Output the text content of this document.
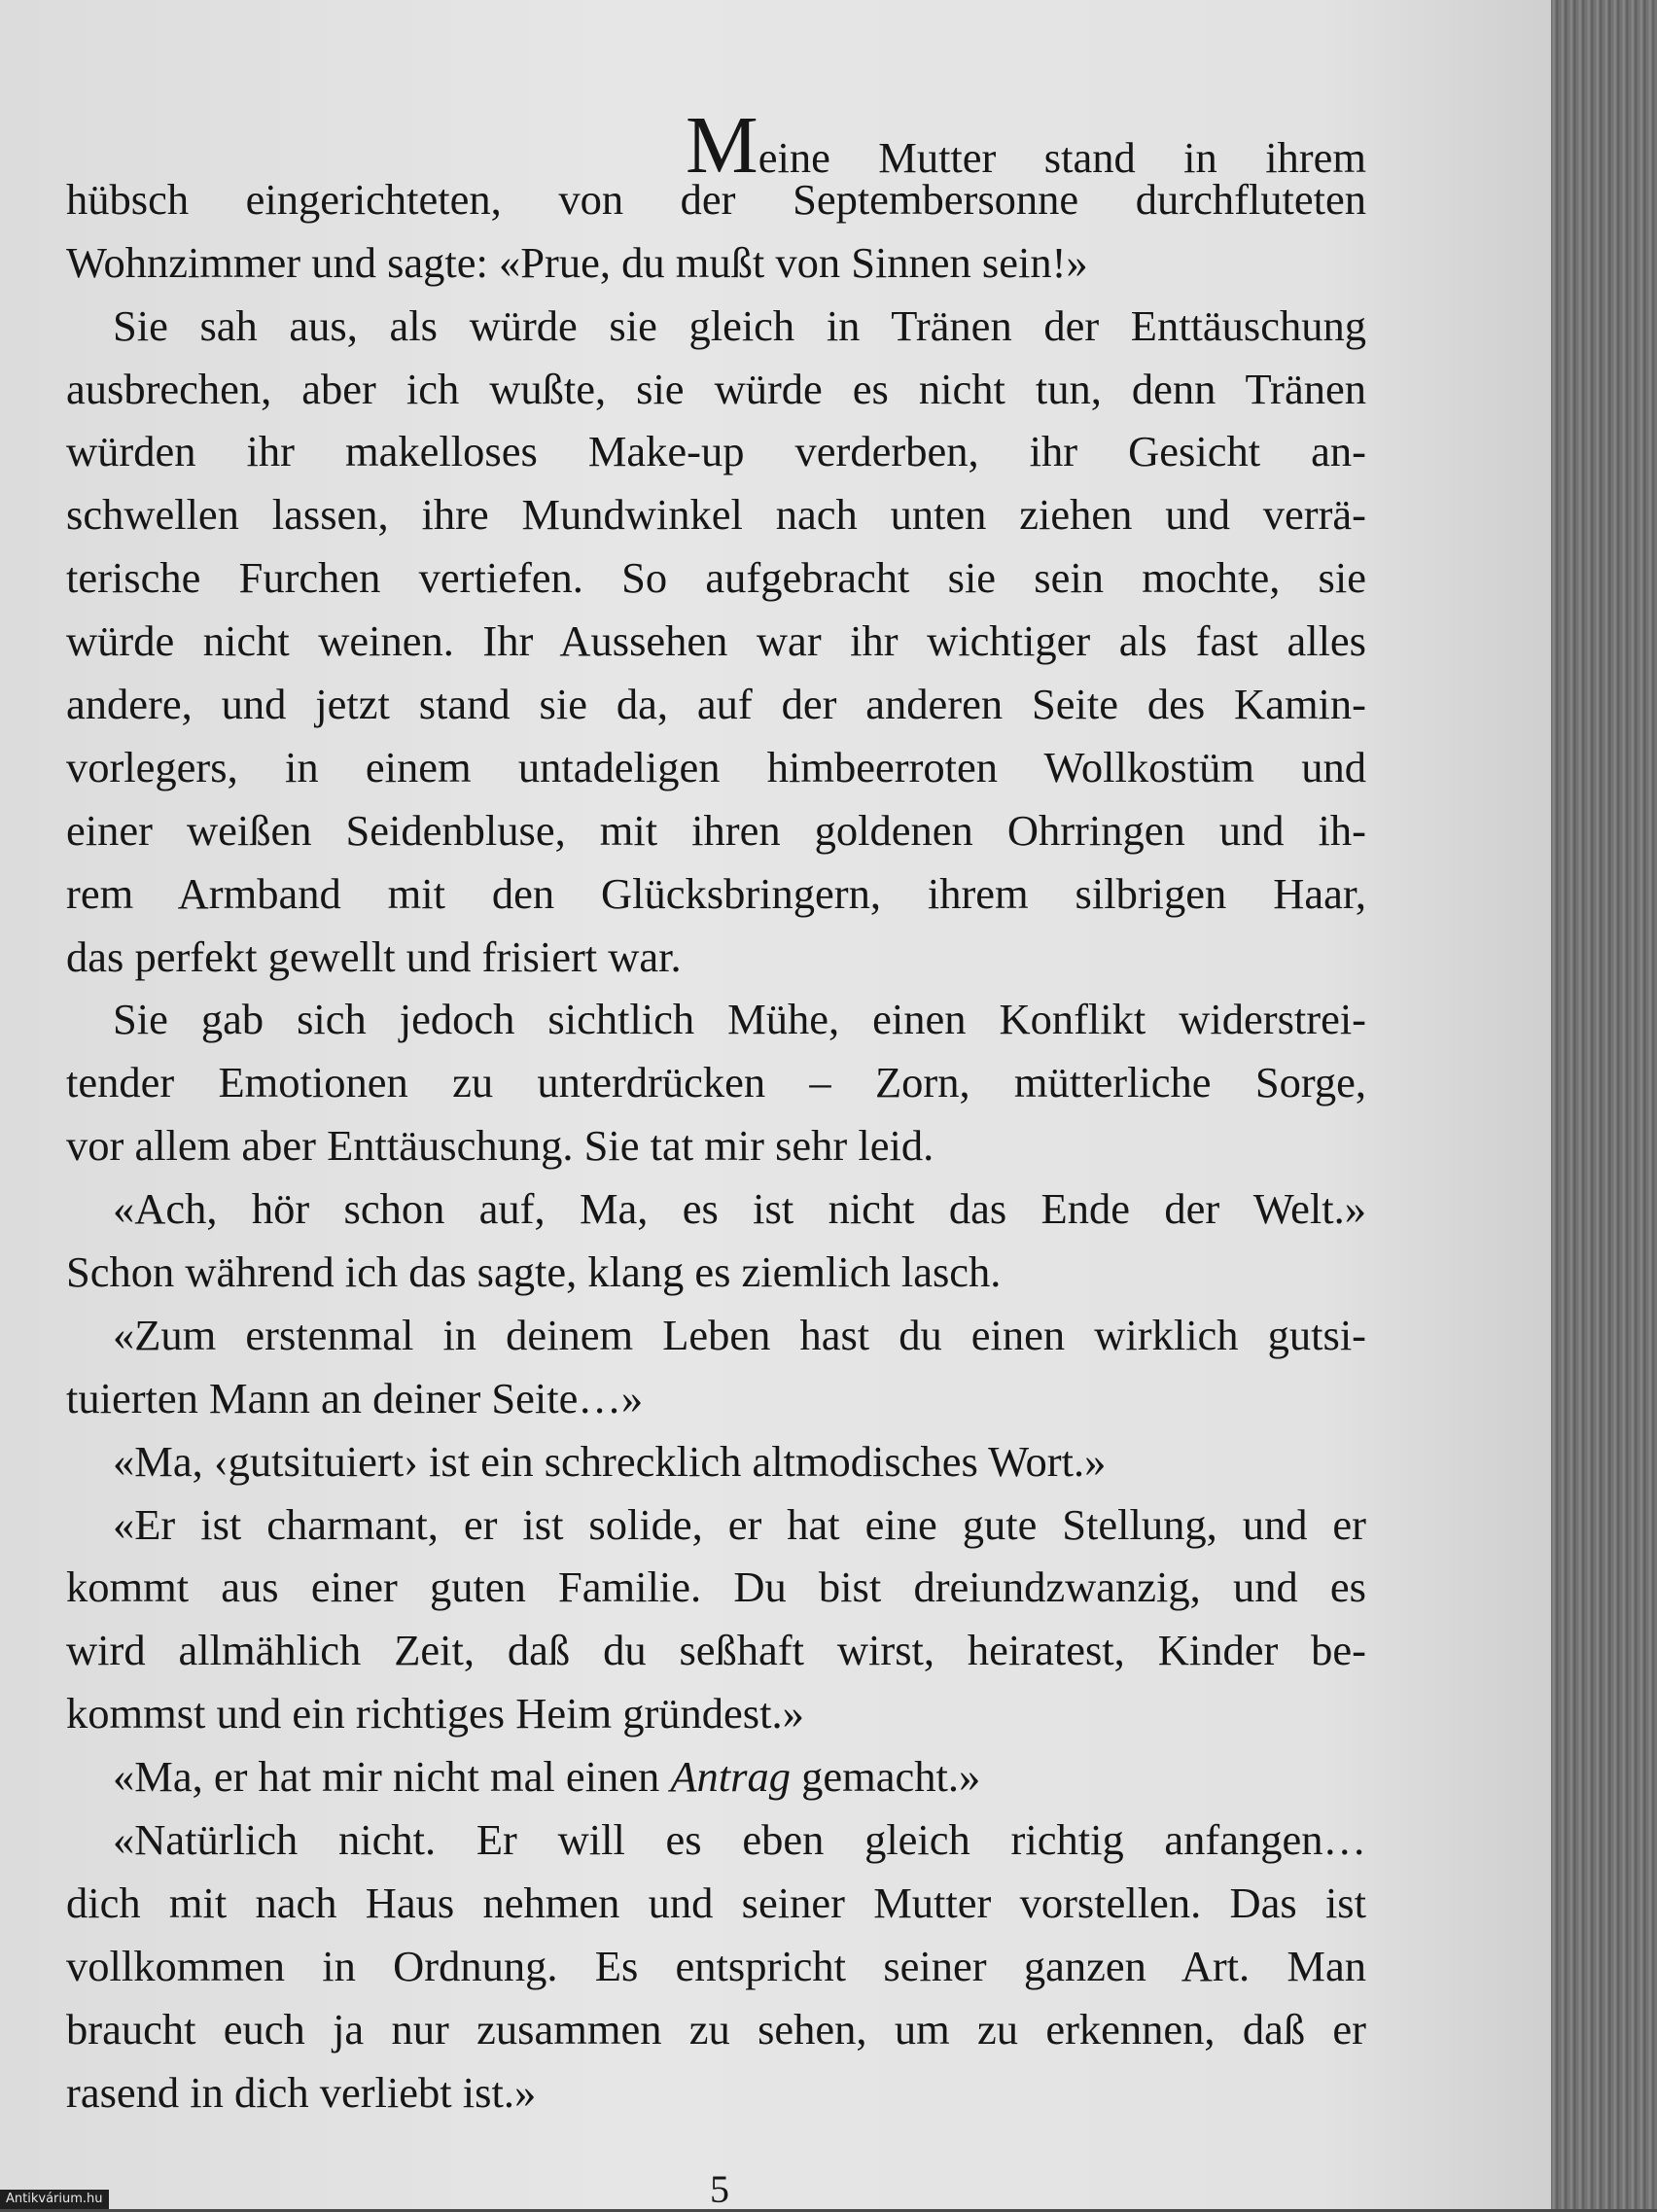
Meine Mutter stand in ihrem
hübsch eingerichteten, von der Septembersonne durchfluteten
Wohnzimmer und sagte: «Prue, du mußt von Sinnen sein!»
Sie sah aus, als würde sie gleich in Tränen der Enttäuschung
ausbrechen, aber ich wußte, sie würde es nicht tun, denn Tränen
würden ihr makelloses Make-up verderben, ihr Gesicht an-
schwellen lassen, ihre Mundwinkel nach unten ziehen und verrä-
terische Furchen vertiefen. So aufgebracht sie sein mochte, sie
würde nicht weinen. Ihr Aussehen war ihr wichtiger als fast alles
andere, und jetzt stand sie da, auf der anderen Seite des Kamin-
vorlegers, in einem untadeligen himbeerroten Wollkostüm und
einer weißen Seidenbluse, mit ihren goldenen Ohrringen und ih-
rem Armband mit den Glücksbringern, ihrem silbrigen Haar,
das perfekt gewellt und frisiert war.
Sie gab sich jedoch sichtlich Mühe, einen Konflikt widerstrei-
tender Emotionen zu unterdrücken – Zorn, mütterliche Sorge,
vor allem aber Enttäuschung. Sie tat mir sehr leid.
«Ach, hör schon auf, Ma, es ist nicht das Ende der Welt.»
Schon während ich das sagte, klang es ziemlich lasch.
«Zum erstenmal in deinem Leben hast du einen wirklich gutsi-
tuierten Mann an deiner Seite…»
«Ma, ‹gutsituiert› ist ein schrecklich altmodisches Wort.»
«Er ist charmant, er ist solide, er hat eine gute Stellung, und er
kommt aus einer guten Familie. Du bist dreiundzwanzig, und es
wird allmählich Zeit, daß du seßhaft wirst, heiratest, Kinder be-
kommst und ein richtiges Heim gründest.»
«Ma, er hat mir nicht mal einen Antrag gemacht.»
«Natürlich nicht. Er will es eben gleich richtig anfangen…
dich mit nach Haus nehmen und seiner Mutter vorstellen. Das ist
vollkommen in Ordnung. Es entspricht seiner ganzen Art. Man
braucht euch ja nur zusammen zu sehen, um zu erkennen, daß er
rasend in dich verliebt ist.»
5
Antikvárium.hu
